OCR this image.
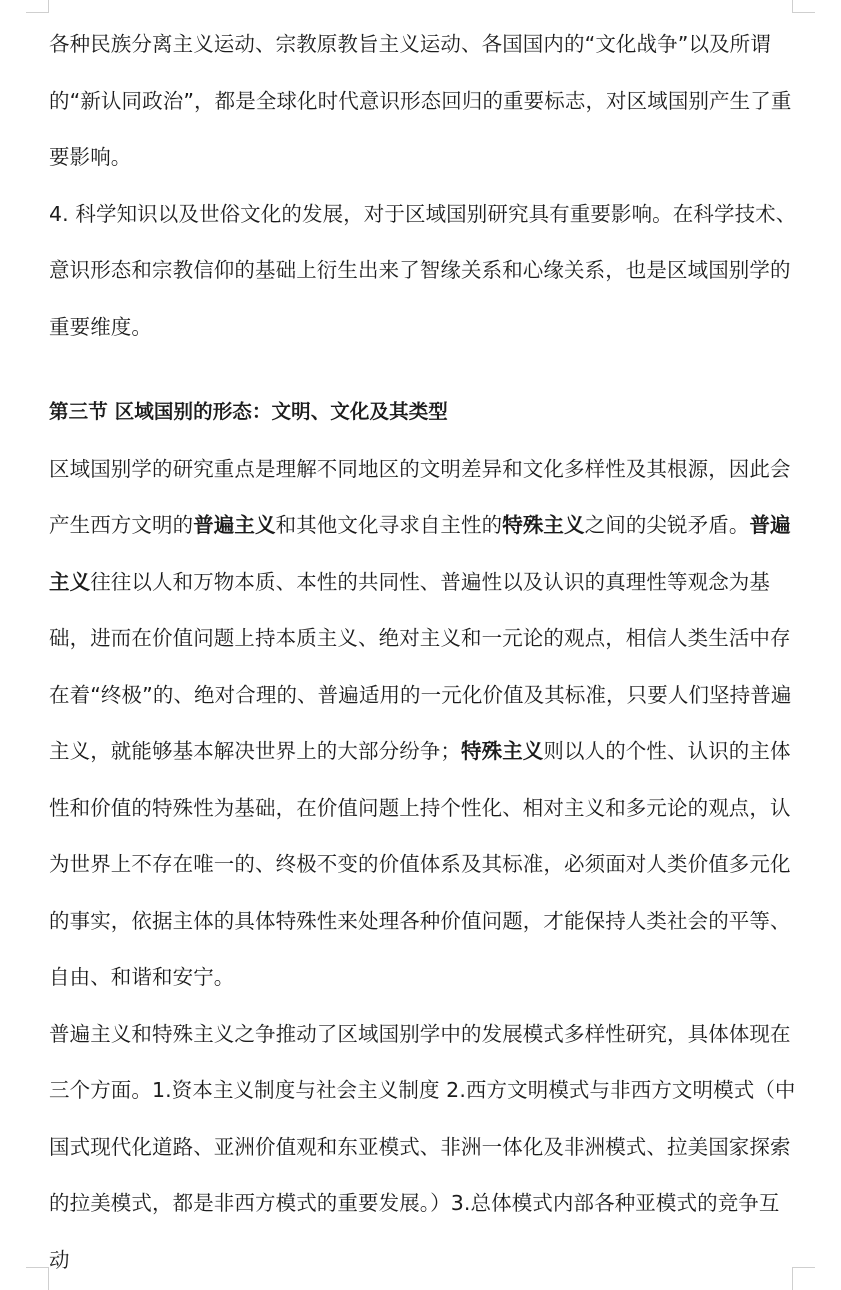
各种民族分离主义运动、宗教原教旨主义运动、各国国内的“文化战争”以及所谓的“新认同政治”，都是全球化时代意识形态回归的重要标志，对区域国别产生了重要影响。

4. 科学知识以及世俗文化的发展，对于区域国别研究具有重要影响。在科学技术、意识形态和宗教信仰的基础上衍生出来了智缘关系和心缘关系，也是区域国别学的重要维度。

第三节 区域国别的形态：文明、文化及其类型

区域国别学的研究重点是理解不同地区的文明差异和文化多样性及其根源，因此会产生西方文明的普遍主义和其他文化寻求自主性的特殊主义之间的尖锐矛盾。普遍主义往往以人和万物本质、本性的共同性、普遍性以及认识的真理性等观念为基础，进而在价值问题上持本质主义、绝对主义和一元论的观点，相信人类生活中存在着“终极”的、绝对合理的、普遍适用的一元化价值及其标准，只要人们坚持普遍主义，就能够基本解决世界上的大部分纷争；特殊主义则以人的个性、认识的主体性和价值的特殊性为基础，在价值问题上持个性化、相对主义和多元论的观点，认为世界上不存在唯一的、终极不变的价值体系及其标准，必须面对人类价值多元化的事实，依据主体的具体特殊性来处理各种价值问题，才能保持人类社会的平等、自由、和谐和安宁。

普遍主义和特殊主义之争推动了区域国别学中的发展模式多样性研究，具体体现在三个方面。1.资本主义制度与社会主义制度 2.西方文明模式与非西方文明模式（中国式现代化道路、亚洲价值观和东亚模式、非洲一体化及非洲模式、拉美国家探索的拉美模式，都是非西方模式的重要发展。）3.总体模式内部各种亚模式的竞争互动
